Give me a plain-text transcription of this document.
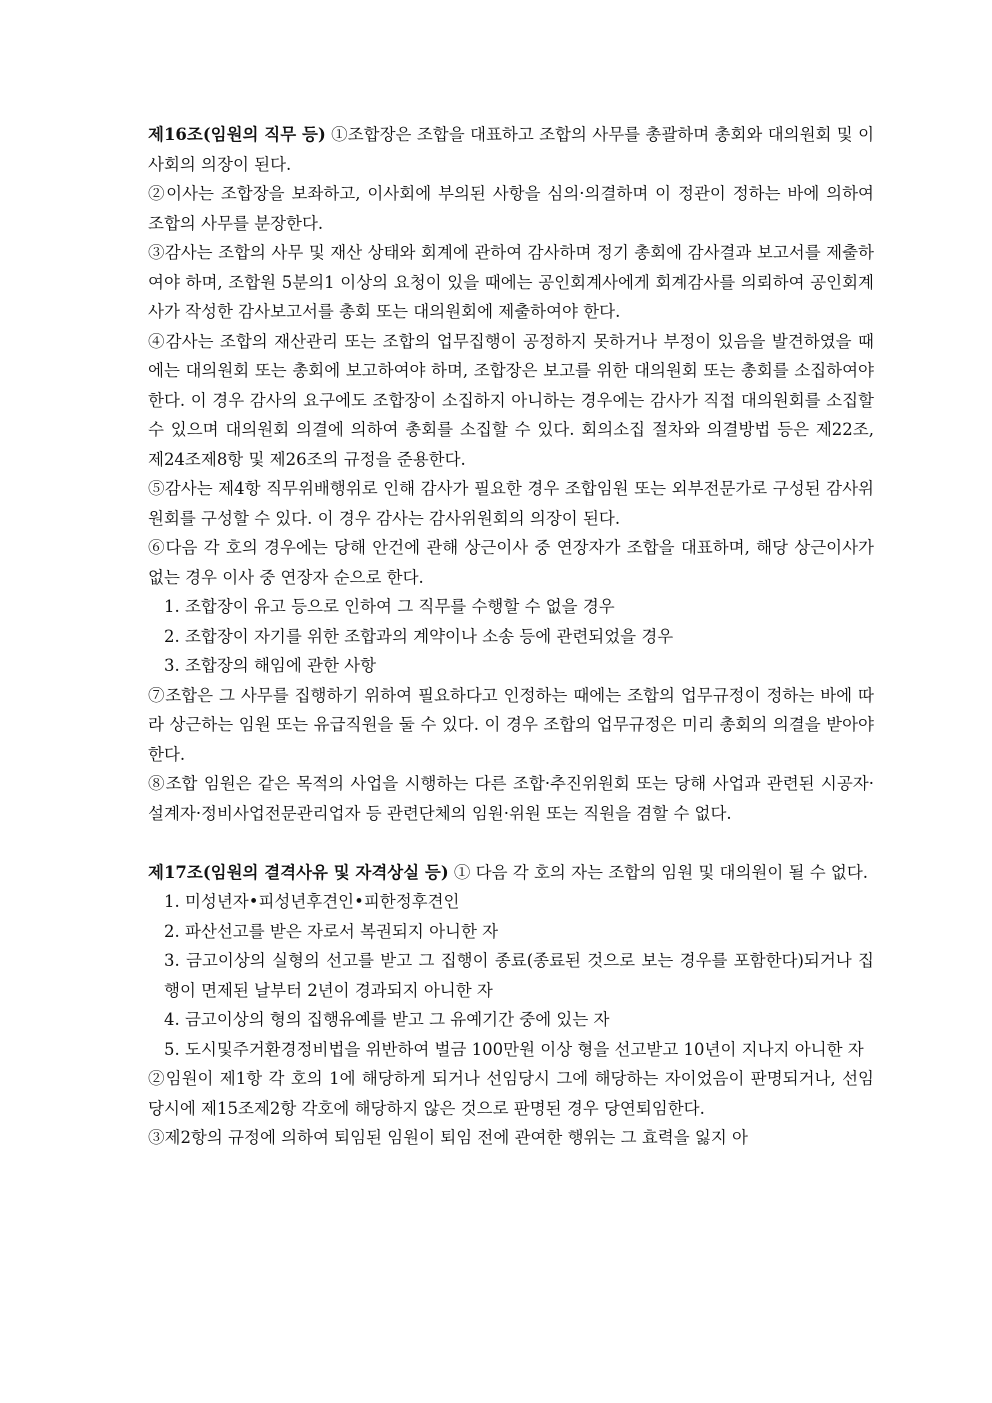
제16조(임원의 직무 등) ①조합장은 조합을 대표하고 조합의 사무를 총괄하며 총회와 대의원회 및 이사회의 의장이 된다.

②이사는 조합장을 보좌하고, 이사회에 부의된 사항을 심의·의결하며 이 정관이 정하는 바에 의하여 조합의 사무를 분장한다.

③감사는 조합의 사무 및 재산 상태와 회계에 관하여 감사하며 정기 총회에 감사결과 보고서를 제출하여야 하며, 조합원 5분의1 이상의 요청이 있을 때에는 공인회계사에게 회계감사를 의뢰하여 공인회계사가 작성한 감사보고서를 총회 또는 대의원회에 제출하여야 한다.

④감사는 조합의 재산관리 또는 조합의 업무집행이 공정하지 못하거나 부정이 있음을 발견하였을 때에는 대의원회 또는 총회에 보고하여야 하며, 조합장은 보고를 위한 대의원회 또는 총회를 소집하여야 한다. 이 경우 감사의 요구에도 조합장이 소집하지 아니하는 경우에는 감사가 직접 대의원회를 소집할 수 있으며 대의원회 의결에 의하여 총회를 소집할 수 있다. 회의소집 절차와 의결방법 등은 제22조, 제24조제8항 및 제26조의 규정을 준용한다.

⑤감사는 제4항 직무위배행위로 인해 감사가 필요한 경우 조합임원 또는 외부전문가로 구성된 감사위원회를 구성할 수 있다. 이 경우 감사는 감사위원회의 의장이 된다.

⑥다음 각 호의 경우에는 당해 안건에 관해 상근이사 중 연장자가 조합을 대표하며, 해당 상근이사가 없는 경우 이사 중 연장자 순으로 한다.

1. 조합장이 유고 등으로 인하여 그 직무를 수행할 수 없을 경우

2. 조합장이 자기를 위한 조합과의 계약이나 소송 등에 관련되었을 경우

3. 조합장의 해임에 관한 사항

⑦조합은 그 사무를 집행하기 위하여 필요하다고 인정하는 때에는 조합의 업무규정이 정하는 바에 따라 상근하는 임원 또는 유급직원을 둘 수 있다. 이 경우 조합의 업무규정은 미리 총회의 의결을 받아야 한다.

⑧조합 임원은 같은 목적의 사업을 시행하는 다른 조합·추진위원회 또는 당해 사업과 관련된 시공자·설계자·정비사업전문관리업자 등 관련단체의 임원·위원 또는 직원을 겸할 수 없다.

제17조(임원의 결격사유 및 자격상실 등) ① 다음 각 호의 자는 조합의 임원 및 대의원이 될 수 없다.

1. 미성년자•피성년후견인•피한정후견인

2. 파산선고를 받은 자로서 복권되지 아니한 자

3. 금고이상의 실형의 선고를 받고 그 집행이 종료(종료된 것으로 보는 경우를 포함한다)되거나 집행이 면제된 날부터 2년이 경과되지 아니한 자

4. 금고이상의 형의 집행유예를 받고 그 유예기간 중에 있는 자

5. 도시및주거환경정비법을 위반하여 벌금 100만원 이상 형을 선고받고 10년이 지나지 아니한 자

②임원이 제1항 각 호의 1에 해당하게 되거나 선임당시 그에 해당하는 자이었음이 판명되거나, 선임당시에 제15조제2항 각호에 해당하지 않은 것으로 판명된 경우 당연퇴임한다.

③제2항의 규정에 의하여 퇴임된 임원이 퇴임 전에 관여한 행위는 그 효력을 잃지 아
